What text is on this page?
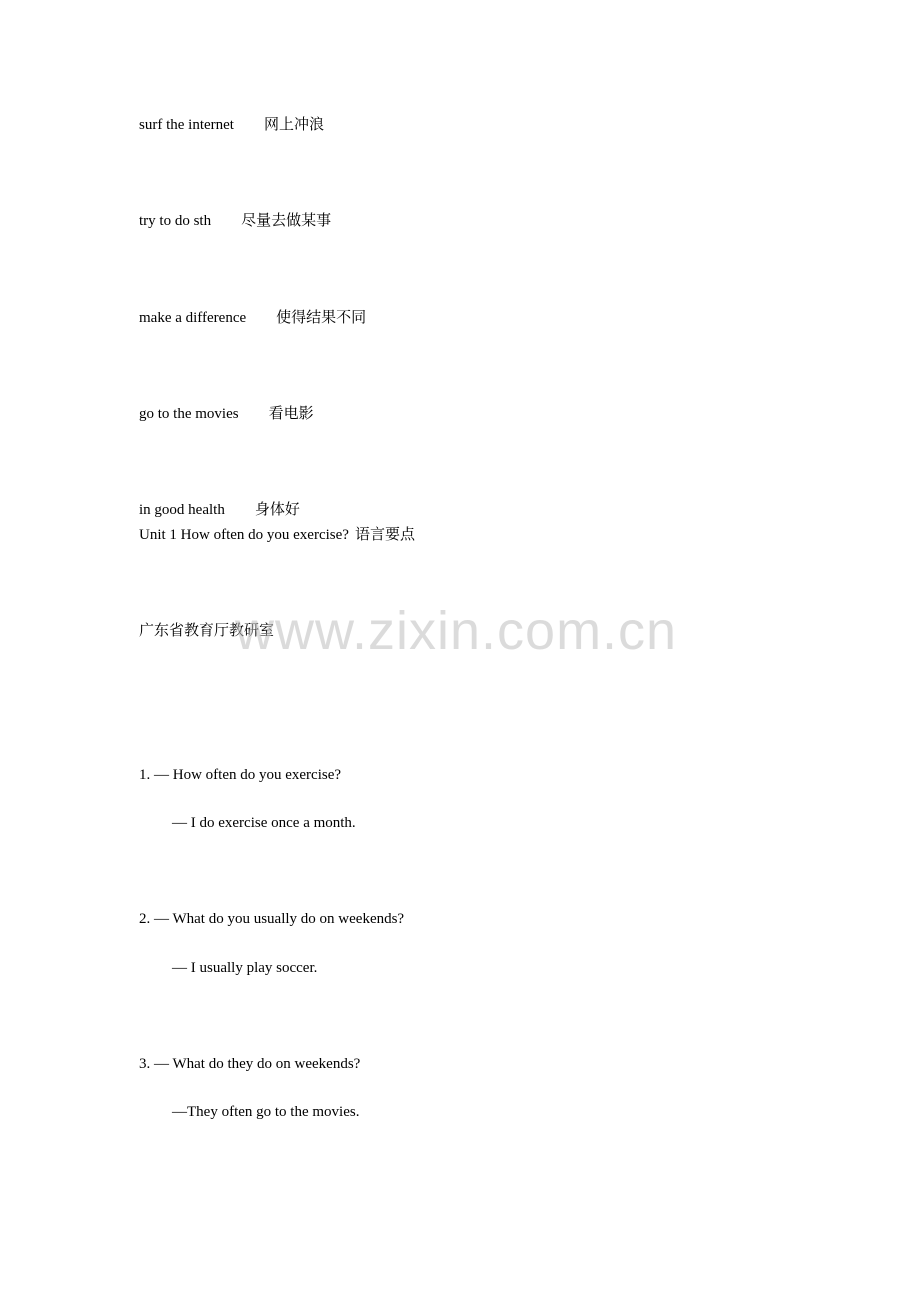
surf the internet 网上冲浪
try to do sth 尽量去做某事
make a difference 使得结果不同
go to the movies 看电影
in good health 身体好
Unit 1 How often do you exercise? 语言要点
广东省教育厅教研室
www.zixin.com.cn
1. — How often do you exercise?
— I do exercise once a month.
2. — What do you usually do on weekends?
— I usually play soccer.
3. — What do they do on weekends?
—They often go to the movies.
